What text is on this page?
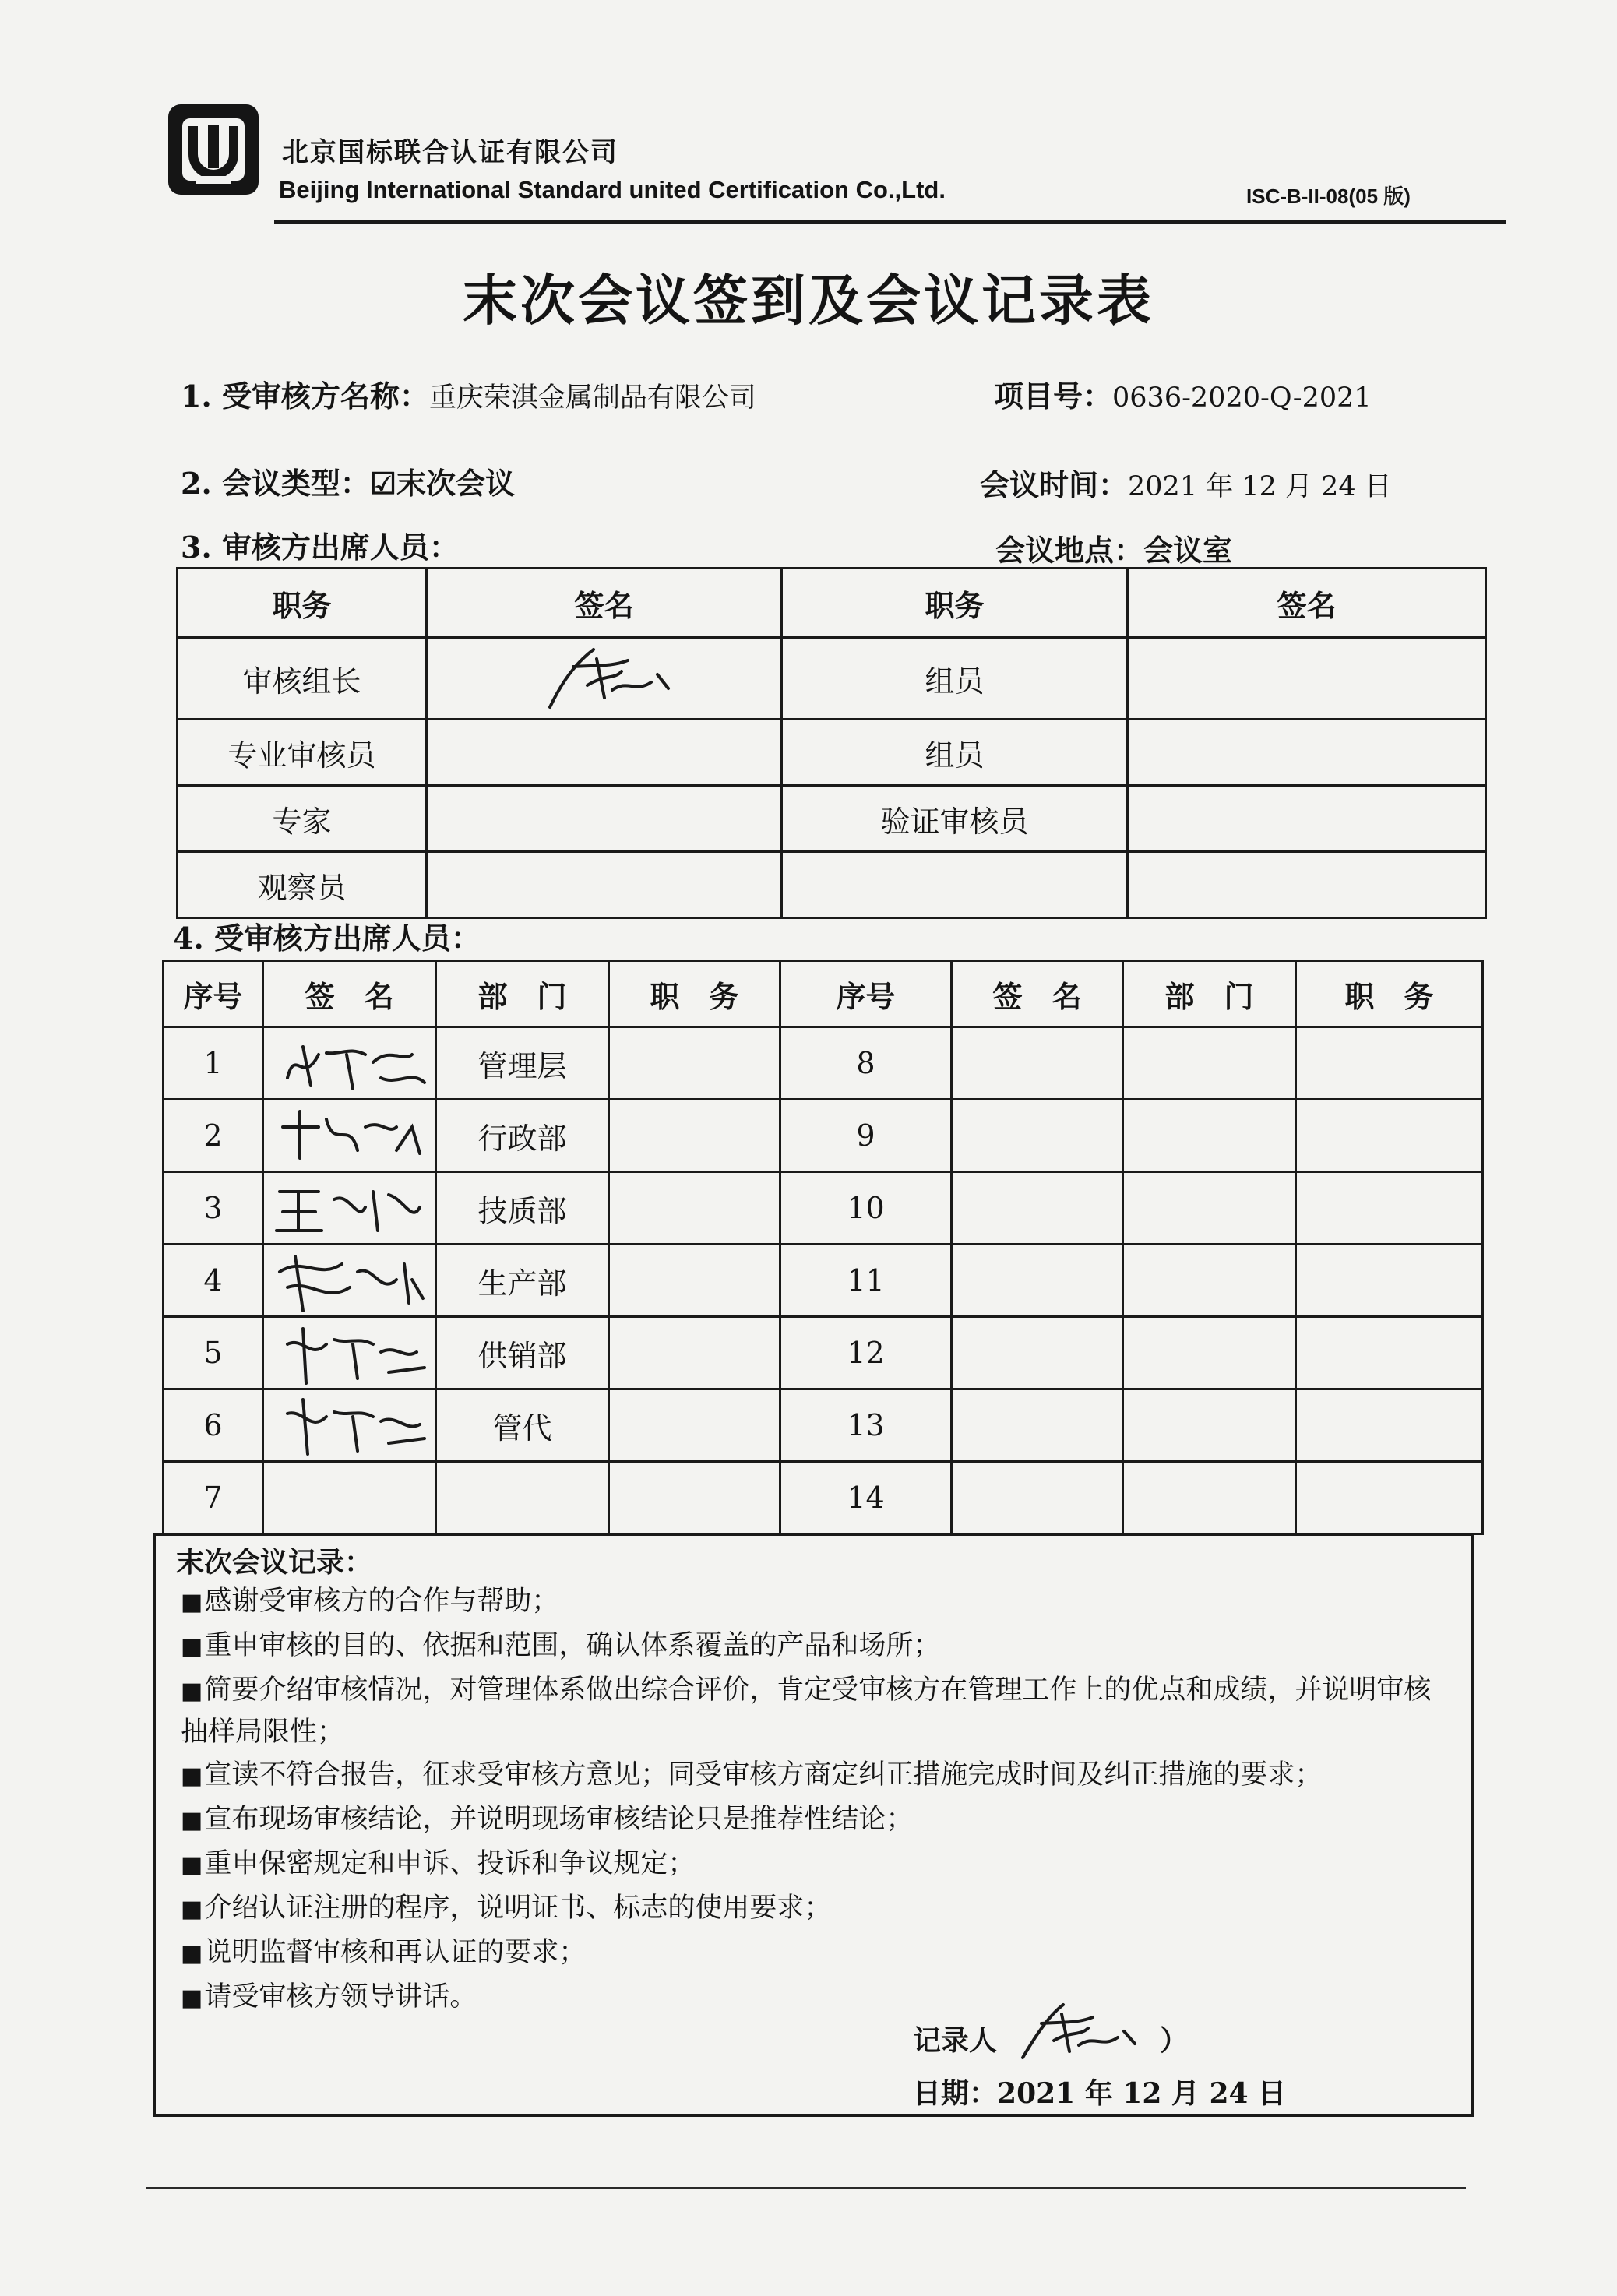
北京国标联合认证有限公司
Beijing International Standard united Certification Co.,Ltd.	ISC-B-II-08(05 版)
末次会议签到及会议记录表
1. 受审核方名称：重庆荣淇金属制品有限公司	项目号：0636-2020-Q-2021
2. 会议类型：☑末次会议	会议时间：2021 年 12 月 24 日
3. 审核方出席人员：	会议地点：会议室
职务	签名	职务	签名
审核组长		组员	
专业审核员		组员	
专家		验证审核员	
观察员			
4. 受审核方出席人员：
序号	签　名	部　门	职　务	序号	签　名	部　门	职　务
1		管理层		8			
2		行政部		9			
3		技质部		10			
4		生产部		11			
5		供销部		12			
6		管代		13			
7				14			
末次会议记录：
■感谢受审核方的合作与帮助；
■重申审核的目的、依据和范围，确认体系覆盖的产品和场所；
■简要介绍审核情况，对管理体系做出综合评价，肯定受审核方在管理工作上的优点和成绩，并说明审核抽样局限性；
■宣读不符合报告，征求受审核方意见；同受审核方商定纠正措施完成时间及纠正措施的要求；
■宣布现场审核结论，并说明现场审核结论只是推荐性结论；
■重申保密规定和申诉、投诉和争议规定；
■介绍认证注册的程序，说明证书、标志的使用要求；
■说明监督审核和再认证的要求；
■请受审核方领导讲话。
记录人	）
日期：2021 年 12 月 24 日
